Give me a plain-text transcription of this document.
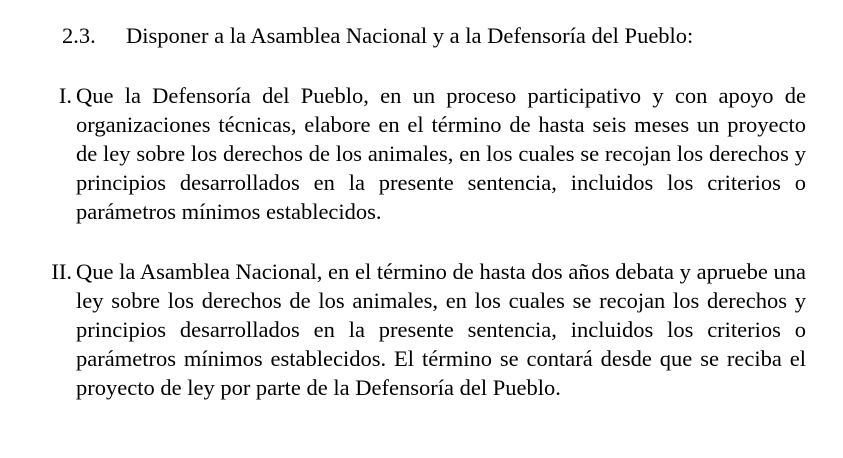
2.3. Disponer a la Asamblea Nacional y a la Defensoría del Pueblo:
I. Que la Defensoría del Pueblo, en un proceso participativo y con apoyo de organizaciones técnicas, elabore en el término de hasta seis meses un proyecto de ley sobre los derechos de los animales, en los cuales se recojan los derechos y principios desarrollados en la presente sentencia, incluidos los criterios o parámetros mínimos establecidos.
II. Que la Asamblea Nacional, en el término de hasta dos años debata y apruebe una ley sobre los derechos de los animales, en los cuales se recojan los derechos y principios desarrollados en la presente sentencia, incluidos los criterios o parámetros mínimos establecidos. El término se contará desde que se reciba el proyecto de ley por parte de la Defensoría del Pueblo.
